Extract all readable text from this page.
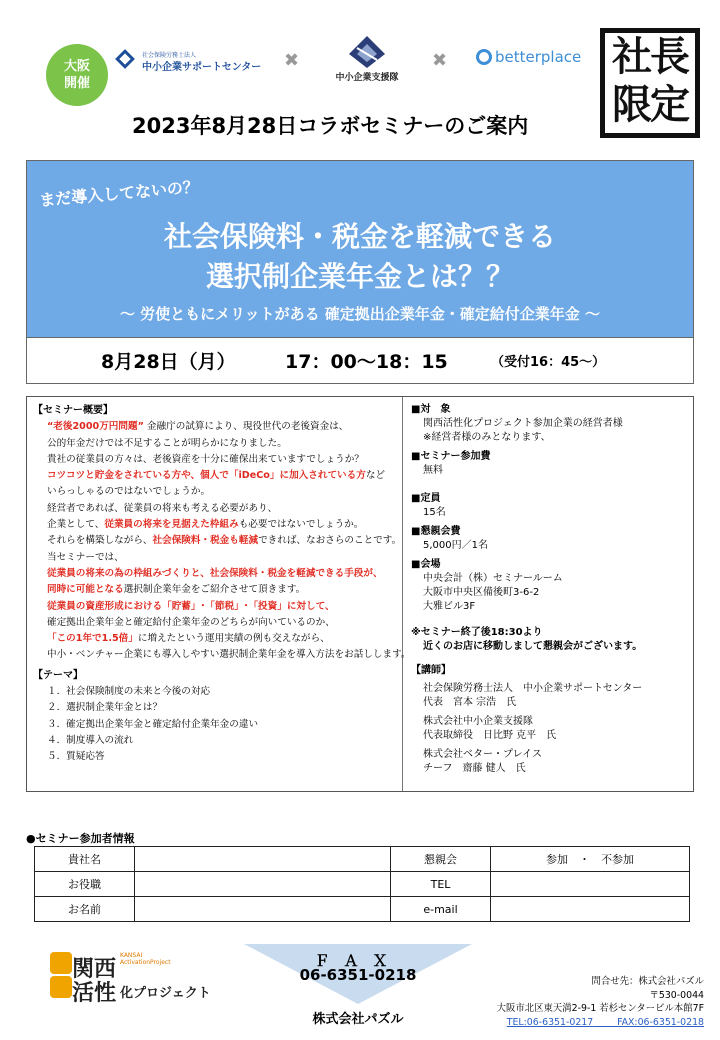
大阪
開催
社会保険労務士法人
中小企業サポートセンター ✖
中小企業支援隊
✖	betterplace 社長
限定
2023年8月28日コラボセミナーのご案内
まだ導入してないの？
社会保険料・税金を軽減できる
選択制企業年金とは？？
～ 労使ともにメリットがある 確定拠出企業年金・確定給付企業年金 ～
8月28日（月）	17：00～18：15	（受付16：45～）
【セミナー概要】
“老後2000万円問題” 金融庁の試算により、現役世代の老後資金は、
公的年金だけでは不足することが明らかになりました。
貴社の従業員の方々は、老後資産を十分に確保出来ていますでしょうか？
コツコツと貯金をされている方や、個人で「iDeCo」に加入されている方など
いらっしゃるのではないでしょうか。
経営者であれば、従業員の将来も考える必要があり、
企業として、従業員の将来を見据えた枠組みも必要ではないでしょうか。
それらを構築しながら、社会保険料・税金も軽減できれば、なおさらのことです。
当セミナーでは、
従業員の将来の為の枠組みづくりと、社会保険料・税金を軽減できる手段が、
同時に可能となる選択制企業年金をご紹介させて頂きます。
従業員の資産形成における「貯蓄」･「節税」･「投資」に対して、
確定拠出企業年金と確定給付企業年金のどちらが向いているのか、
「この1年で1.5倍」に増えたという運用実績の例も交えながら、
中小・ベンチャー企業にも導入しやすい選択制企業年金を導入方法をお話しします。
【テーマ】
１．社会保険制度の未来と今後の対応
２．選択制企業年金とは？
３．確定拠出企業年金と確定給付企業年金の違い
４．制度導入の流れ
５．質疑応答
■対　象
関西活性化プロジェクト参加企業の経営者様
※経営者様のみとなります、
■セミナー参加費
無料
■定員
15名
■懇親会費
5,000円／1名
■会場
中央会計（株）セミナールーム
大阪市中央区備後町3-6-2
大雅ビル3F
※セミナー終了後18:30より
近くのお店に移動しまして懇親会がございます。
【講師】
社会保険労務士法人　中小企業サポートセンター
代表　宮本 宗浩　氏
株式会社中小企業支援隊
代表取締役　日比野 克平　氏
株式会社ベター・プレイス
チーフ　齋藤 健人　氏
●セミナー参加者情報
貴社名		懇親会	参加　・　不参加
お役職		TEL	
お名前		e-mail	
関西
活性
KANSAI
ActivationProject
化プロジェクト
ＦＡＸ
06-6351-0218
株式会社パズル
問合せ先：株式会社パズル
〒530-0044
大阪市北区東天満2-9-1 若杉センタービル本館7F
TEL:06-6351-0217	FAX:06-6351-0218
